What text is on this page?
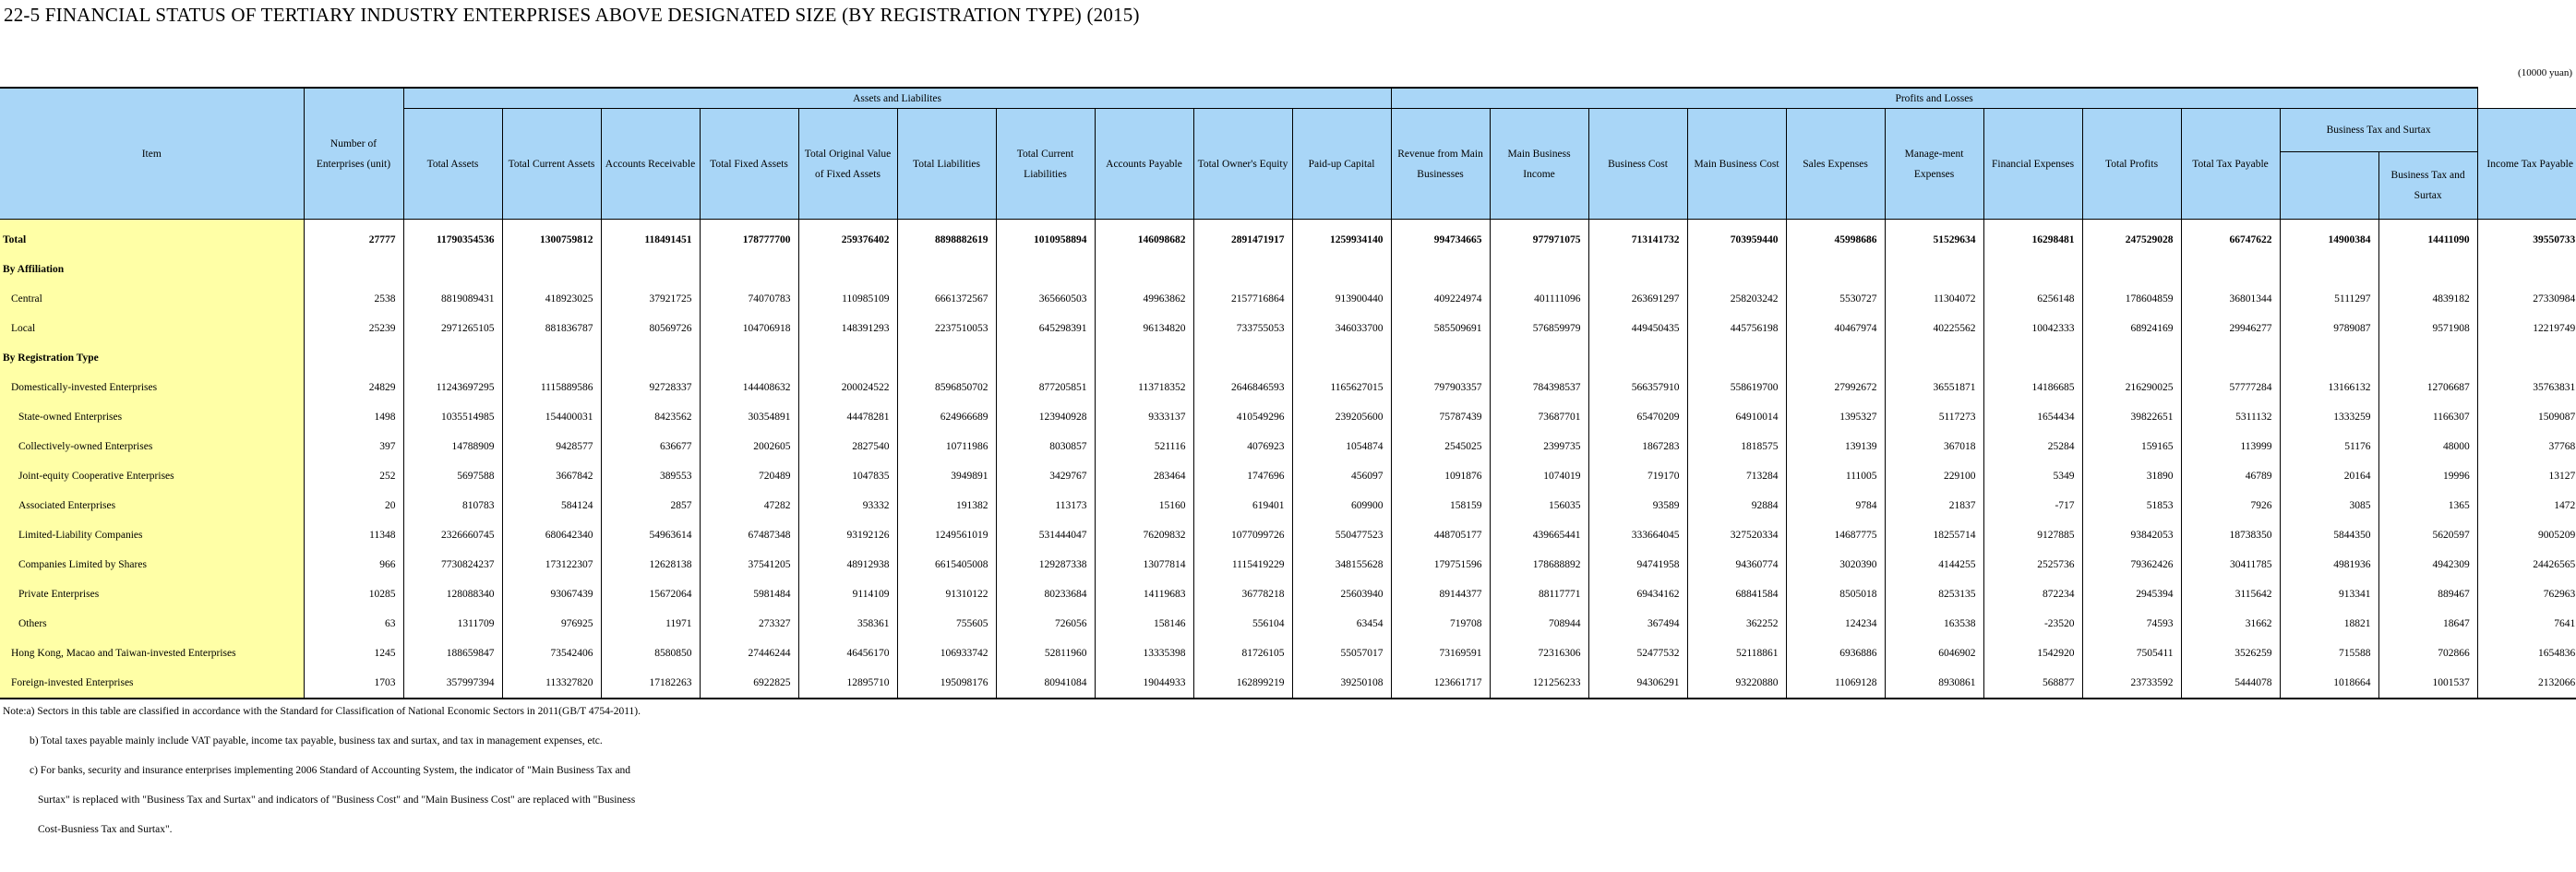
22-5 FINANCIAL STATUS OF TERTIARY INDUSTRY ENTERPRISES ABOVE DESIGNATED SIZE (BY REGISTRATION TYPE) (2015)
(10000 yuan)
Item	Number of Enterprises (unit)	Assets and Liabilites										Profits and Losses											
		Total Assets	Total Current Assets	Accounts Receivable	Total Fixed Assets	Total Original Value of Fixed Assets	Total Liabilities	Total Current Liabilities	Accounts Payable	Total Owner's Equity	Paid-up Capital	Revenue from Main Businesses	Main Business Income	Business Cost	Main Business Cost	Sales Expenses	Manage-ment Expenses	Financial Expenses	Total Profits	Total Tax Payable	Business Tax and Surtax		Income Tax Payable
																						Business Tax and Surtax	
Total	27777	11790354536	1300759812	118491451	178777700	259376402	8898882619	1010958894	146098682	2891471917	1259934140	994734665	977971075	713141732	703959440	45998686	51529634	16298481	247529028	66747622	14900384	14411090	39550733
By Affiliation																							
Central	2538	8819089431	418923025	37921725	74070783	110985109	6661372567	365660503	49963862	2157716864	913900440	409224974	401111096	263691297	258203242	5530727	11304072	6256148	178604859	36801344	5111297	4839182	27330984
Local	25239	2971265105	881836787	80569726	104706918	148391293	2237510053	645298391	96134820	733755053	346033700	585509691	576859979	449450435	445756198	40467974	40225562	10042333	68924169	29946277	9789087	9571908	12219749
By Registration Type																							
Domestically-invested Enterprises	24829	11243697295	1115889586	92728337	144408632	200024522	8596850702	877205851	113718352	2646846593	1165627015	797903357	784398537	566357910	558619700	27992672	36551871	14186685	216290025	57777284	13166132	12706687	35763831
State-owned Enterprises	1498	1035514985	154400031	8423562	30354891	44478281	624966689	123940928	9333137	410549296	239205600	75787439	73687701	65470209	64910014	1395327	5117273	1654434	39822651	5311132	1333259	1166307	1509087
Collectively-owned Enterprises	397	14788909	9428577	636677	2002605	2827540	10711986	8030857	521116	4076923	1054874	2545025	2399735	1867283	1818575	139139	367018	25284	159165	113999	51176	48000	37768
Joint-equity Cooperative Enterprises	252	5697588	3667842	389553	720489	1047835	3949891	3429767	283464	1747696	456097	1091876	1074019	719170	713284	111005	229100	5349	31890	46789	20164	19996	13127
Associated Enterprises	20	810783	584124	2857	47282	93332	191382	113173	15160	619401	609900	158159	156035	93589	92884	9784	21837	-717	51853	7926	3085	1365	1472
Limited-Liability Companies	11348	2326660745	680642340	54963614	67487348	93192126	1249561019	531444047	76209832	1077099726	550477523	448705177	439665441	333664045	327520334	14687775	18255714	9127885	93842053	18738350	5844350	5620597	9005209
Companies Limited by Shares	966	7730824237	173122307	12628138	37541205	48912938	6615405008	129287338	13077814	1115419229	348155628	179751596	178688892	94741958	94360774	3020390	4144255	2525736	79362426	30411785	4981936	4942309	24426565
Private Enterprises	10285	128088340	93067439	15672064	5981484	9114109	91310122	80233684	14119683	36778218	25603940	89144377	88117771	69434162	68841584	8505018	8253135	872234	2945394	3115642	913341	889467	762963
Others	63	1311709	976925	11971	273327	358361	755605	726056	158146	556104	63454	719708	708944	367494	362252	124234	163538	-23520	74593	31662	18821	18647	7641
Hong Kong, Macao and Taiwan-invested Enterprises	1245	188659847	73542406	8580850	27446244	46456170	106933742	52811960	13335398	81726105	55057017	73169591	72316306	52477532	52118861	6936886	6046902	1542920	7505411	3526259	715588	702866	1654836
Foreign-invested Enterprises	1703	357997394	113327820	17182263	6922825	12895710	195098176	80941084	19044933	162899219	39250108	123661717	121256233	94306291	93220880	11069128	8930861	568877	23733592	5444078	1018664	1001537	2132066
Note:a) Sectors in this table are classified in accordance with the Standard for Classification of National Economic Sectors in 2011(GB/T 4754-2011).
b) Total taxes payable mainly include VAT payable, income tax payable, business tax and surtax, and tax in management expenses, etc.
c) For banks, security and insurance enterprises implementing 2006 Standard of Accounting System, the indicator of "Main Business Tax and
Surtax" is replaced with "Business Tax and Surtax" and indicators of "Business Cost" and "Main Business Cost" are replaced with "Business
Cost-Busniess Tax and Surtax".
